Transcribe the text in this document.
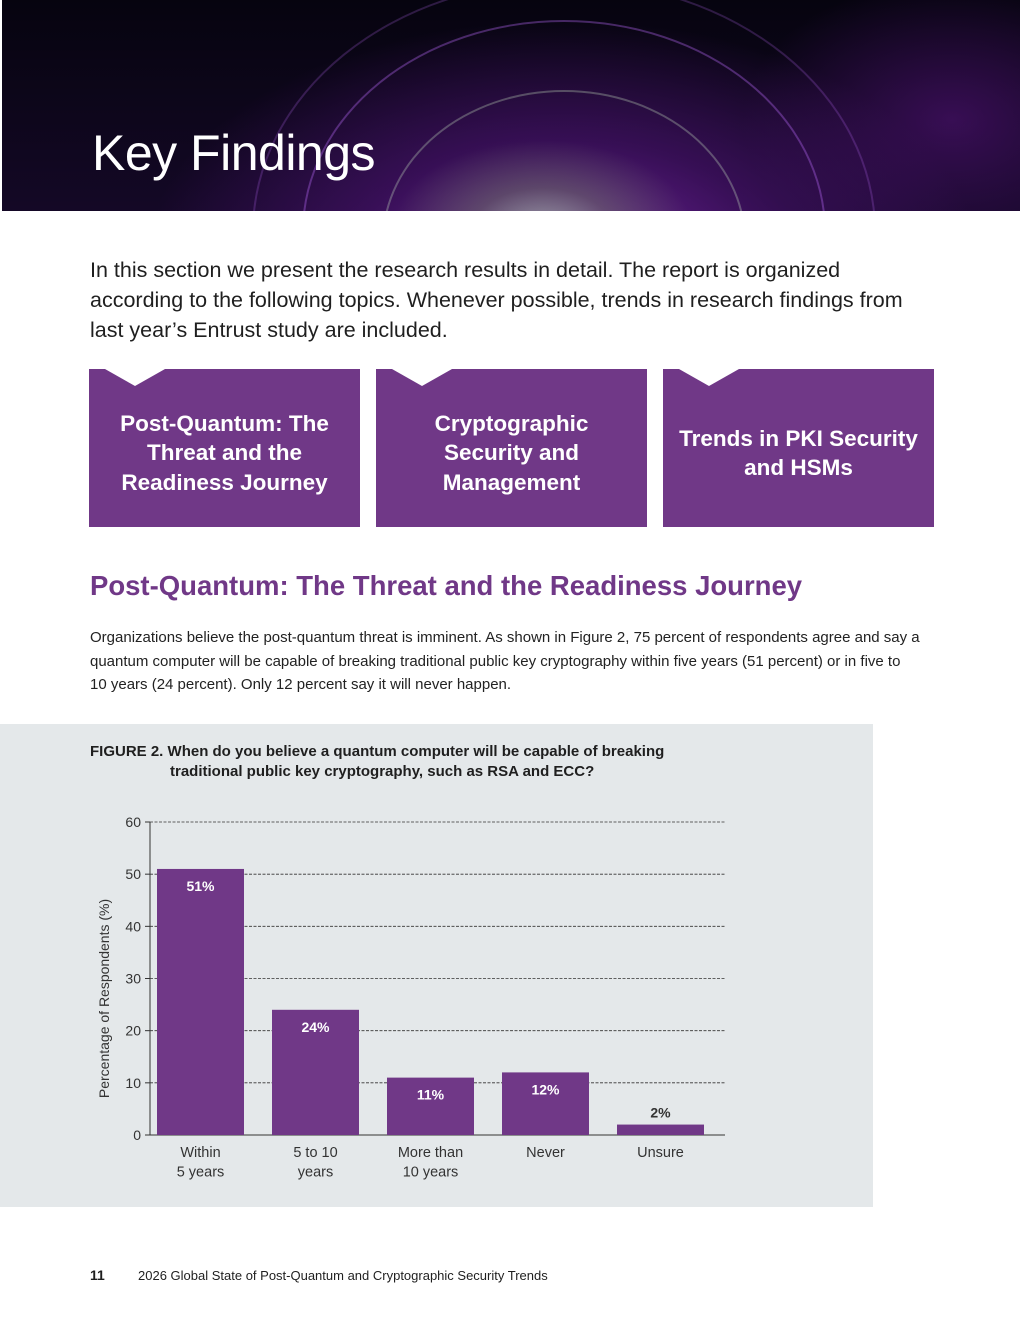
Key Findings

In this section we present the research results in detail. The report is organized according to the following topics. Whenever possible, trends in research findings from last year’s Entrust study are included.

Post-Quantum: The Threat and the Readiness Journey
Cryptographic Security and Management
Trends in PKI Security and HSMs
Post-Quantum: The Threat and the Readiness Journey

Organizations believe the post-quantum threat is imminent. As shown in Figure 2, 75 percent of respondents agree and say a quantum computer will be capable of breaking traditional public key cryptography within five years (51 percent) or in five to 10 years (24 percent). Only 12 percent say it will never happen.

FIGURE 2. When do you believe a quantum computer will be capable of breaking
traditional public key cryptography, such as RSA and ECC?

0
10
20
30
40
50
60
Percentage of Respondents (%)
51%
Within
5 years
24%
5 to 10
years
11%
More than
10 years
12%
Never
2%
Unsure

11	2026 Global State of Post-Quantum and Cryptographic Security Trends
